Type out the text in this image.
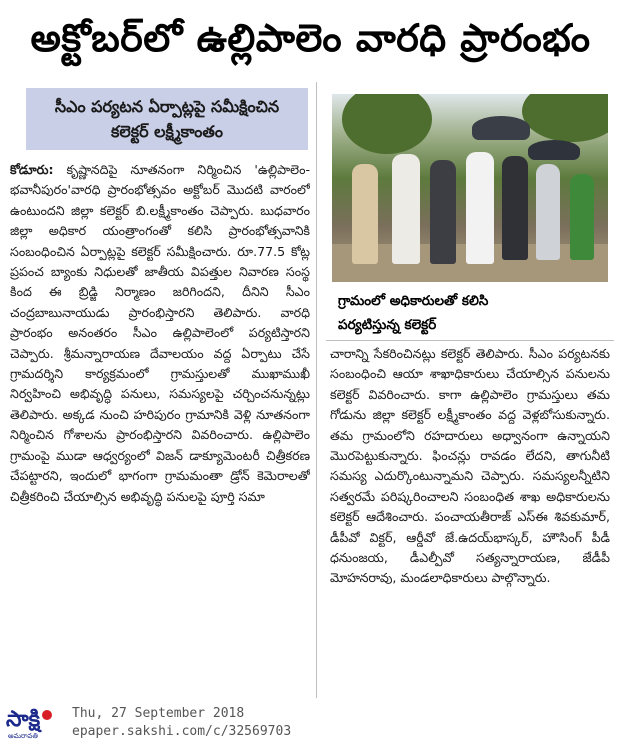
అక్టోబర్‌లో ఉల్లిపాలెం వారధి ప్రారంభం
సీఎం పర్యటన ఏర్పాట్లపై సమీక్షించిన
కలెక్టర్ లక్ష్మీకాంతం

కోడూరు: కృష్ణానదిపై నూతనంగా నిర్మించిన 'ఉల్లిపాలెం-భవానీపురం'వారధి ప్రారంభోత్సవం అక్టోబర్ మొదటి వారంలో ఉంటుందని జిల్లా కలెక్టర్ బి.లక్ష్మీకాంతం చెప్పారు. బుధవారం జిల్లా అధికార యంత్రాంగంతో కలిసి ప్రారంభోత్సవానికి సంబంధించిన ఏర్పాట్లపై కలెక్టర్ సమీక్షించారు. రూ.77.5 కోట్ల ప్రపంచ బ్యాంకు నిధులతో జాతీయ విపత్తుల నివారణ సంస్థ కింద ఈ బ్రిడ్జి నిర్మాణం జరిగిందని, దీనిని సీఎం చంద్రబాబునాయుడు ప్రారంభిస్తారని తెలిపారు. వారధి ప్రారంభం అనంతరం సీఎం ఉల్లిపాలెంలో పర్యటిస్తారని చెప్పారు. శ్రీమన్నారాయణ దేవాలయం వద్ద ఏర్పాటు చేసే గ్రామదర్శిని కార్యక్రమంలో గ్రామస్తులతో ముఖాముఖీ నిర్వహించి అభివృద్ధి పనులు, సమస్యలపై చర్చించనున్నట్లు తెలిపారు. అక్కడ నుంచి హరిపురం గ్రామానికి వెళ్లి నూతనంగా నిర్మించిన గోశాలను ప్రారంభిస్తారని వివరించారు. ఉల్లిపాలెం గ్రామంపై ముడా ఆధ్వర్యంలో విజన్ డాక్యూమెంటరీ చిత్రీకరణ చేపట్టారని, ఇందులో భాగంగా గ్రామమంతా డ్రోన్ కెమెరాలతో చిత్రీకరించి చేయాల్సిన అభివృద్ధి పనులపై పూర్తి సమా

గ్రామంలో అధికారులతో కలిసి
పర్యటిస్తున్న కలెక్టర్

చారాన్ని సేకరించినట్లు కలెక్టర్ తెలిపారు. సీఎం పర్యటనకు సంబంధించి ఆయా శాఖాధికారులు చేయాల్సిన పనులను కలెక్టర్ వివరించారు. కాగా ఉల్లిపాలెం గ్రామస్తులు తమ గోడును జిల్లా కలెక్టర్ లక్ష్మీకాంతం వద్ద వెళ్లబోసుకున్నారు. తమ గ్రామంలోని రహదారులు అధ్వానంగా ఉన్నాయని మొరపెట్టుకున్నారు. ఫించన్లు రావడం లేదని, తాగునీటి సమస్య ఎదుర్కొంటున్నామని చెప్పారు. సమస్యలన్నీటిని సత్వరమే పరిష్కరించాలని సంబంధిత శాఖ అధికారులను కలెక్టర్ ఆదేశించారు. పంచాయతీరాజ్ ఎస్ఈ శివకుమార్, డీపీవో విక్టర్, ఆర్డీవో జే.ఉదయ్‌భాస్కర్, హౌసింగ్ పీడీ ధనుంజయ, డీఎల్పీవో సత్యన్నారాయణ, జేడీపీ మోహనరావు, మండలాధికారులు పాల్గొన్నారు.

సాక్షి
అమరావతి
Thu, 27 September 2018
epaper.sakshi.com/c/32569703
